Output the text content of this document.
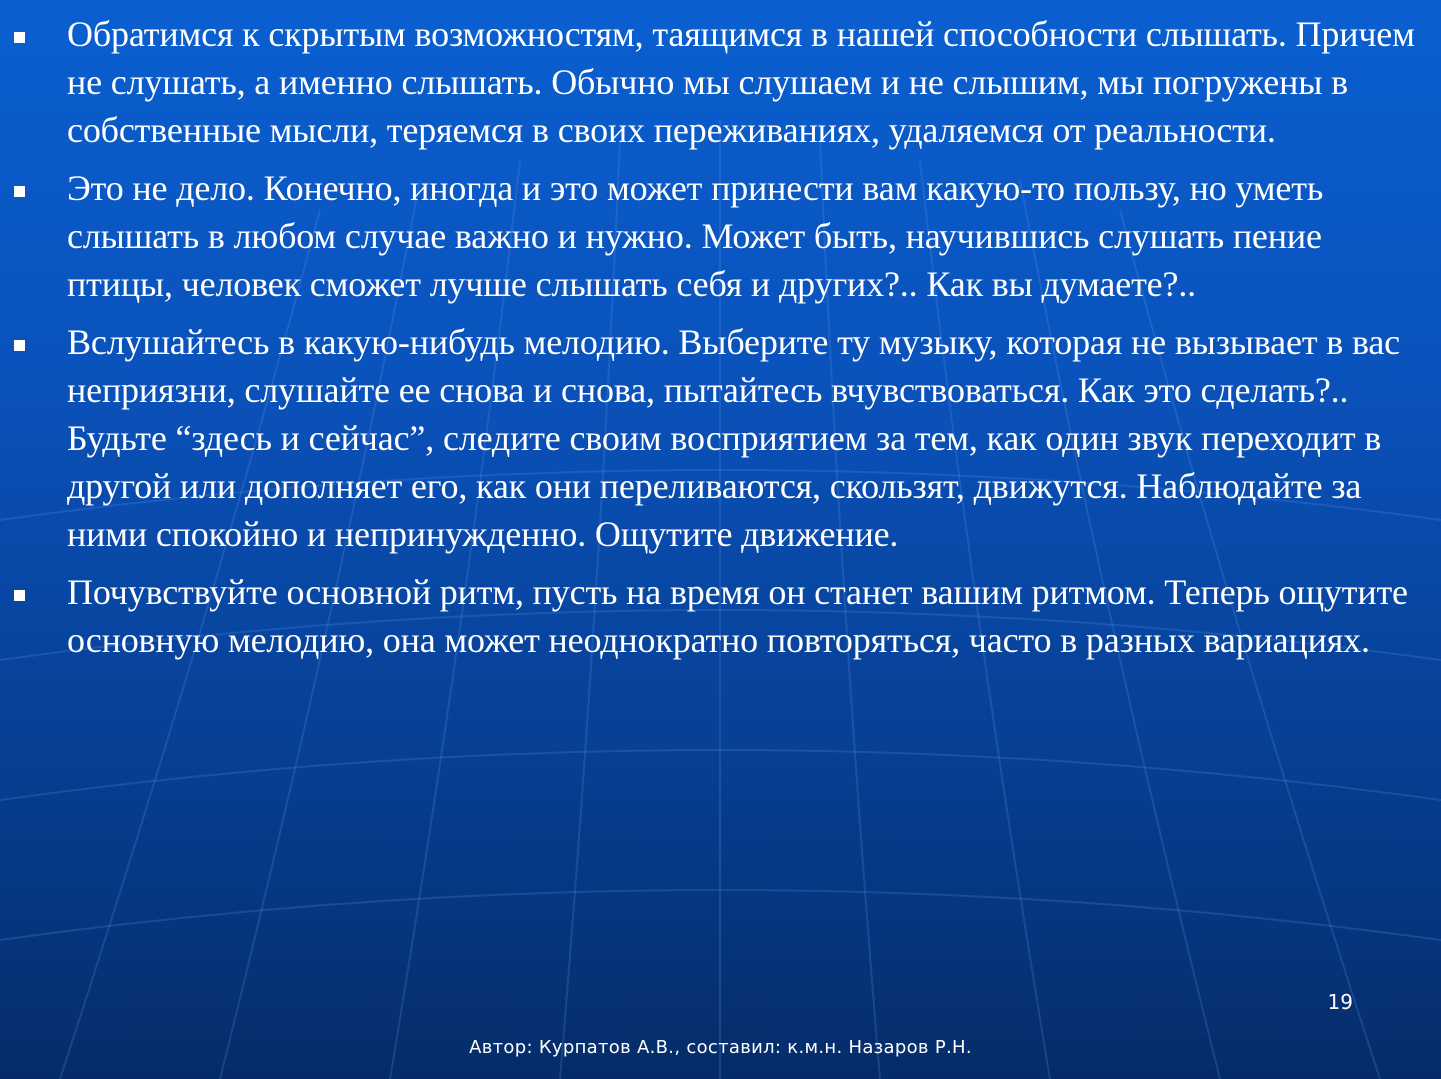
Обратимся к скрытым возможностям, таящимся в нашей способности слышать. Причем не слушать, а именно слышать. Обычно мы слушаем и не слышим, мы погружены в собственные мысли, теряемся в своих переживаниях, удаляемся от реальности.

Это не дело. Конечно, иногда и это может принести вам какую-то пользу, но уметь слышать в любом случае важно и нужно. Может быть, научившись слушать пение птицы, человек сможет лучше слышать себя и других?.. Как вы думаете?..

Вслушайтесь в какую-нибудь мелодию. Выберите ту музыку, которая не вызывает в вас неприязни, слушайте ее снова и снова, пытайтесь вчувствоваться. Как это сделать?.. Будьте “здесь и сейчас”, следите своим восприятием за тем, как один звук переходит в другой или дополняет его, как они переливаются, скользят, движутся. Наблюдайте за ними спокойно и непринужденно. Ощутите движение.

Почувствуйте основной ритм, пусть на время он станет вашим ритмом. Теперь ощутите основную мелодию, она может неоднократно повторяться, часто в разных вариациях.

19
Автор: Курпатов А.В., составил: к.м.н. Назаров Р.Н.
